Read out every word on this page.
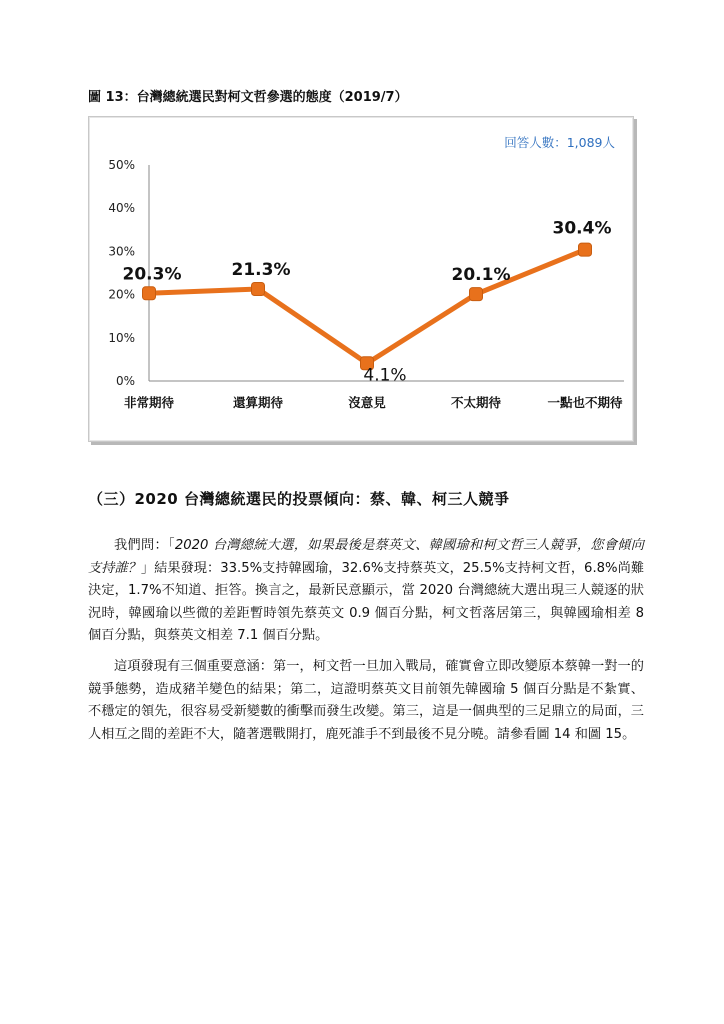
圖 13：台灣總統選民對柯文哲參選的態度（2019/7）
回答人數：1,089人
0%
10%
20%
30%
40%
50%
非常期待	還算期待	沒意見	不太期待	一點也不期待
20.3%	21.3%
4.1%
20.1%
30.4%
（三）2020 台灣總統選民的投票傾向：蔡、韓、柯三人競爭

我們問：「2020 台灣總統大選，如果最後是蔡英文、韓國瑜和柯文哲三人競爭，您會傾向支持誰？」結果發現：33.5%支持韓國瑜，32.6%支持蔡英文，25.5%支持柯文哲，6.8%尚難決定，1.7%不知道、拒答。換言之，最新民意顯示，當 2020 台灣總統大選出現三人競逐的狀況時，韓國瑜以些微的差距暫時領先蔡英文 0.9 個百分點，柯文哲落居第三，與韓國瑜相差 8 個百分點，與蔡英文相差 7.1 個百分點。

這項發現有三個重要意涵：第一，柯文哲一旦加入戰局，確實會立即改變原本蔡韓一對一的競爭態勢，造成豬羊變色的結果；第二，這證明蔡英文目前領先韓國瑜 5 個百分點是不紮實、不穩定的領先，很容易受新變數的衝擊而發生改變。第三，這是一個典型的三足鼎立的局面，三人相互之間的差距不大，隨著選戰開打，鹿死誰手不到最後不見分曉。請參看圖 14 和圖 15。
